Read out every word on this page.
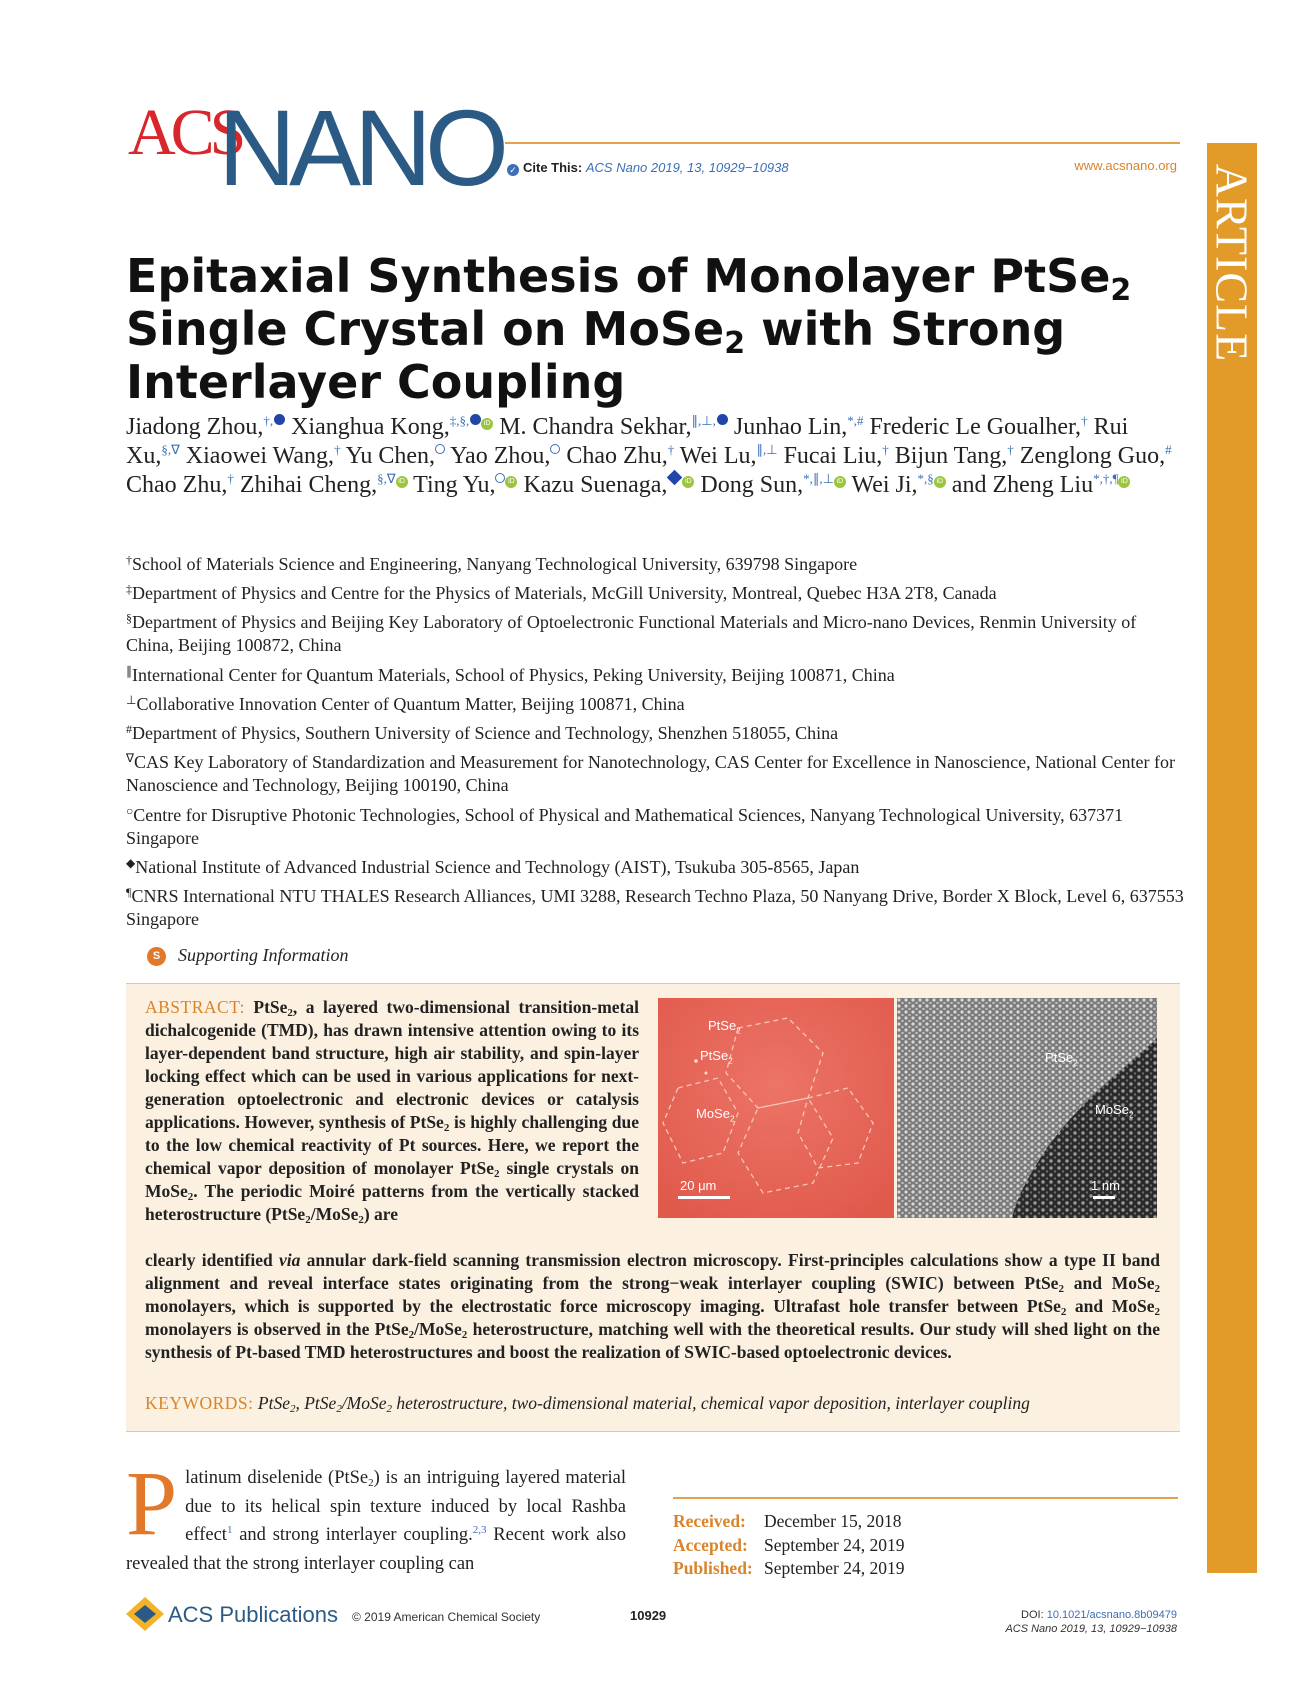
ACS
NANO ✓ Cite This: ACS Nano 2019, 13, 10929−10938	www.acsnano.org ARTICLE
Epitaxial Synthesis of Monolayer PtSe$_2$ Single Crystal on MoSe$_2$ with Strong Interlayer Coupling
Jiadong Zhou,†, Xianghua Kong,‡,§, iD M. Chandra Sekhar,∥,⊥, Junhao Lin,*,# Frederic Le Goualher,† Rui Xu,§,∇ Xiaowei Wang,† Yu Chen, Yao Zhou, Chao Zhu,† Wei Lu,∥,⊥ Fucai Liu,† Bijun Tang,† Zenglong Guo,# Chao Zhu,† Zhihai Cheng,§,∇ iD Ting Yu, iD Kazu Suenaga,	iD Dong Sun,*,∥,⊥ iD Wei Ji,*,§ iD and Zheng Liu*,†,¶ iD
†School of Materials Science and Engineering, Nanyang Technological University, 639798 Singapore
‡Department of Physics and Centre for the Physics of Materials, McGill University, Montreal, Quebec H3A 2T8, Canada
§Department of Physics and Beijing Key Laboratory of Optoelectronic Functional Materials and Micro-nano Devices, Renmin University of China, Beijing 100872, China
∥International Center for Quantum Materials, School of Physics, Peking University, Beijing 100871, China
⊥Collaborative Innovation Center of Quantum Matter, Beijing 100871, China
#Department of Physics, Southern University of Science and Technology, Shenzhen 518055, China
∇CAS Key Laboratory of Standardization and Measurement for Nanotechnology, CAS Center for Excellence in Nanoscience, National Center for Nanoscience and Technology, Beijing 100190, China
○Centre for Disruptive Photonic Technologies, School of Physical and Mathematical Sciences, Nanyang Technological University, 637371 Singapore
◆National Institute of Advanced Industrial Science and Technology (AIST), Tsukuba 305-8565, Japan
¶CNRS International NTU THALES Research Alliances, UMI 3288, Research Techno Plaza, 50 Nanyang Drive, Border X Block, Level 6, 637553 Singapore
S Supporting Information
ABSTRACT: PtSe$_2$, a layered two-dimensional transition-metal dichalcogenide (TMD), has drawn intensive attention owing to its layer-dependent band structure, high air stability, and spin-layer locking effect which can be used in various applications for next-generation optoelectronic and electronic devices or catalysis applications. However, synthesis of PtSe$_2$ is highly challenging due to the low chemical reactivity of Pt sources. Here, we report the chemical vapor deposition of monolayer PtSe$_2$ single crystals on MoSe$_2$. The periodic Moiré patterns from the vertically stacked heterostructure (PtSe$_2$/MoSe$_2$) are
clearly identified via annular dark-field scanning transmission electron microscopy. First-principles calculations show a type II band alignment and reveal interface states originating from the strong−weak interlayer coupling (SWIC) between PtSe$_2$ and MoSe$_2$ monolayers, which is supported by the electrostatic force microscopy imaging. Ultrafast hole transfer between PtSe$_2$ and MoSe$_2$ monolayers is observed in the PtSe$_2$/MoSe$_2$ heterostructure, matching well with the theoretical results. Our study will shed light on the synthesis of Pt-based TMD heterostructures and boost the realization of SWIC-based optoelectronic devices.
KEYWORDS: PtSe$_2$, PtSe$_2$/MoSe$_2$ heterostructure, two-dimensional material, chemical vapor deposition, interlayer coupling
PtSe$_2$
20 μm
PtSe$_2$
MoSe$_2$
1 nm
PtSe$_2$
MoSe$_2$
Platinum diselenide (PtSe$_2$) is an intriguing layered material due to its helical spin texture induced by local Rashba effect$^1$ and strong interlayer coupling.$^{2,3}$ Recent work also revealed that the strong interlayer coupling can
Received: December 15, 2018
Accepted: September 24, 2019
Published: September 24, 2019
ACS Publications © 2019 American Chemical Society	10929	DOI: 10.1021/acsnano.8b09479
ACS Nano 2019, 13, 10929−10938
